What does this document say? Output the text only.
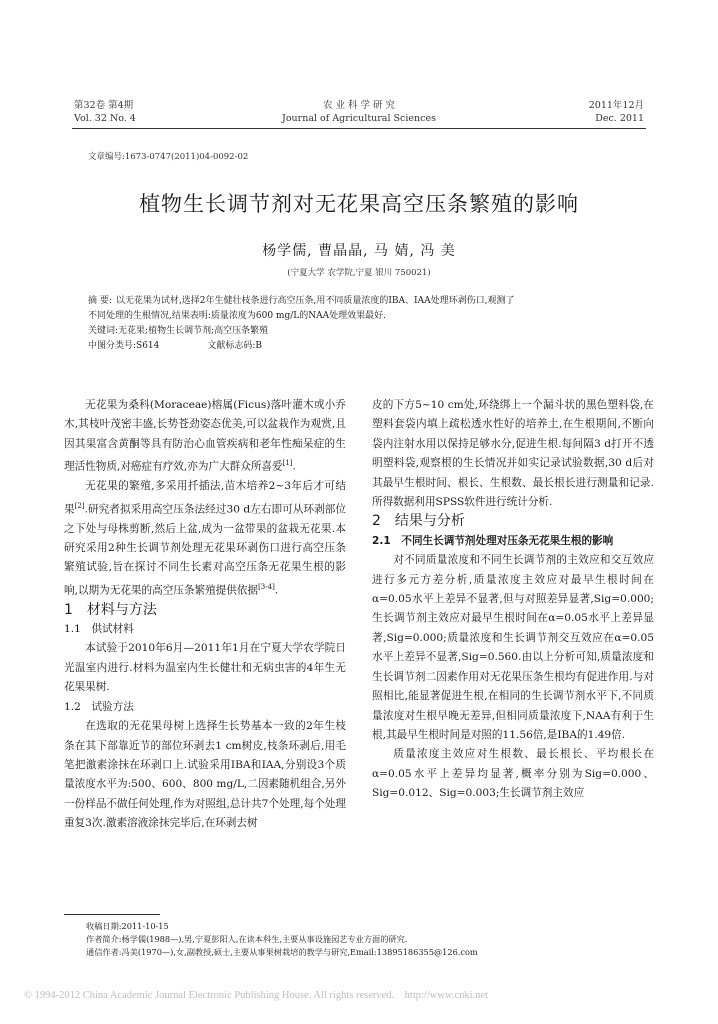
第32卷 第4期
Vol. 32 No. 4
农 业 科 学 研 究
Journal of Agricultural Sciences
2011年12月
Dec. 2011
文章编号:1673-0747(2011)04-0092-02
植物生长调节剂对无花果高空压条繁殖的影响
杨学儒, 曹晶晶, 马 婧, 冯 美
(宁夏大学 农学院,宁夏 银川 750021)
摘 要: 以无花果为试材,选择2年生健壮枝条进行高空压条,用不同质量浓度的IBA、IAA处理环剥伤口,观测了
不同处理的生根情况,结果表明:质量浓度为600 mg/L的NAA处理效果最好.
关键词:无花果;植物生长调节剂;高空压条繁殖
中图分类号:S614	文献标志码:B

无花果为桑科(Moraceae)榕属(Ficus)落叶灌木或小乔木,其枝叶茂密丰盛,长势苍劲姿态优美,可以盆栽作为观赏,且因其果富含黄酮等具有防治心血管疾病和老年性痴呆症的生理活性物质,对癌症有疗效,亦为广大群众所喜爱[1].

无花果的繁殖,多采用扦插法,苗木培养2~3年后才可结果[2].研究者拟采用高空压条法经过30 d左右即可从环剥部位之下处与母株剪断,然后上盆,成为一盆带果的盆栽无花果.本研究采用2种生长调节剂处理无花果环剥伤口进行高空压条繁殖试验,旨在探讨不同生长素对高空压条无花果生根的影响,以期为无花果的高空压条繁殖提供依据[3-4].

1　材料与方法

1.1　供试材料

本试验于2010年6月—2011年1月在宁夏大学农学院日光温室内进行.材料为温室内生长健壮和无病虫害的4年生无花果果树.

1.2　试验方法

在选取的无花果母树上选择生长势基本一致的2年生枝条在其下部靠近节的部位环剥去1 cm树皮,枝条环剥后,用毛笔把激素涂抹在环剥口上.试验采用IBA和IAA,分别设3个质量浓度水平为:500、600、800 mg/L,二因素随机组合,另外一份样品不做任何处理,作为对照组,总计共7个处理,每个处理重复3次.激素溶液涂抹完毕后,在环剥去树

皮的下方5~10 cm处,环绕绑上一个漏斗状的黑色塑料袋,在塑料套袋内填上疏松透水性好的培养土,在生根期间,不断向袋内注射水用以保持足够水分,促进生根.每间隔3 d打开不透明塑料袋,观察根的生长情况并如实记录试验数据,30 d后对其最早生根时间、根长、生根数、最长根长进行测量和记录.所得数据利用SPSS软件进行统计分析.

2　结果与分析

2.1　不同生长调节剂处理对压条无花果生根的影响

对不同质量浓度和不同生长调节剂的主效应和交互效应进行多元方差分析,质量浓度主效应对最早生根时间在α=0.05水平上差异不显著,但与对照差异显著,Sig=0.000;生长调节剂主效应对最早生根时间在α=0.05水平上差异显著,Sig=0.000;质量浓度和生长调节剂交互效应在α=0.05水平上差异不显著,Sig=0.560.由以上分析可知,质量浓度和生长调节剂二因素作用对无花果压条生根均有促进作用.与对照相比,能显著促进生根,在相同的生长调节剂水平下,不同质量浓度对生根早晚无差异,但相同质量浓度下,NAA有利于生根,其最早生根时间是对照的11.56倍,是IBA的1.49倍.

质量浓度主效应对生根数、最长根长、平均根长在α=0.05水平上差异均显著,概率分别为Sig=0.000、Sig=0.012、Sig=0.003;生长调节剂主效应

收稿日期:2011-10-15
作者简介:杨学儒(1988—),男,宁夏彭阳人,在读本科生,主要从事设施园艺专业方面的研究.
通信作者:冯美(1970—),女,副教授,硕士,主要从事果树栽培的教学与研究,Email:13895186355@126.com
© 1994-2012 China Academic Journal Electronic Publishing House. All rights reserved.    http://www.cnki.net
